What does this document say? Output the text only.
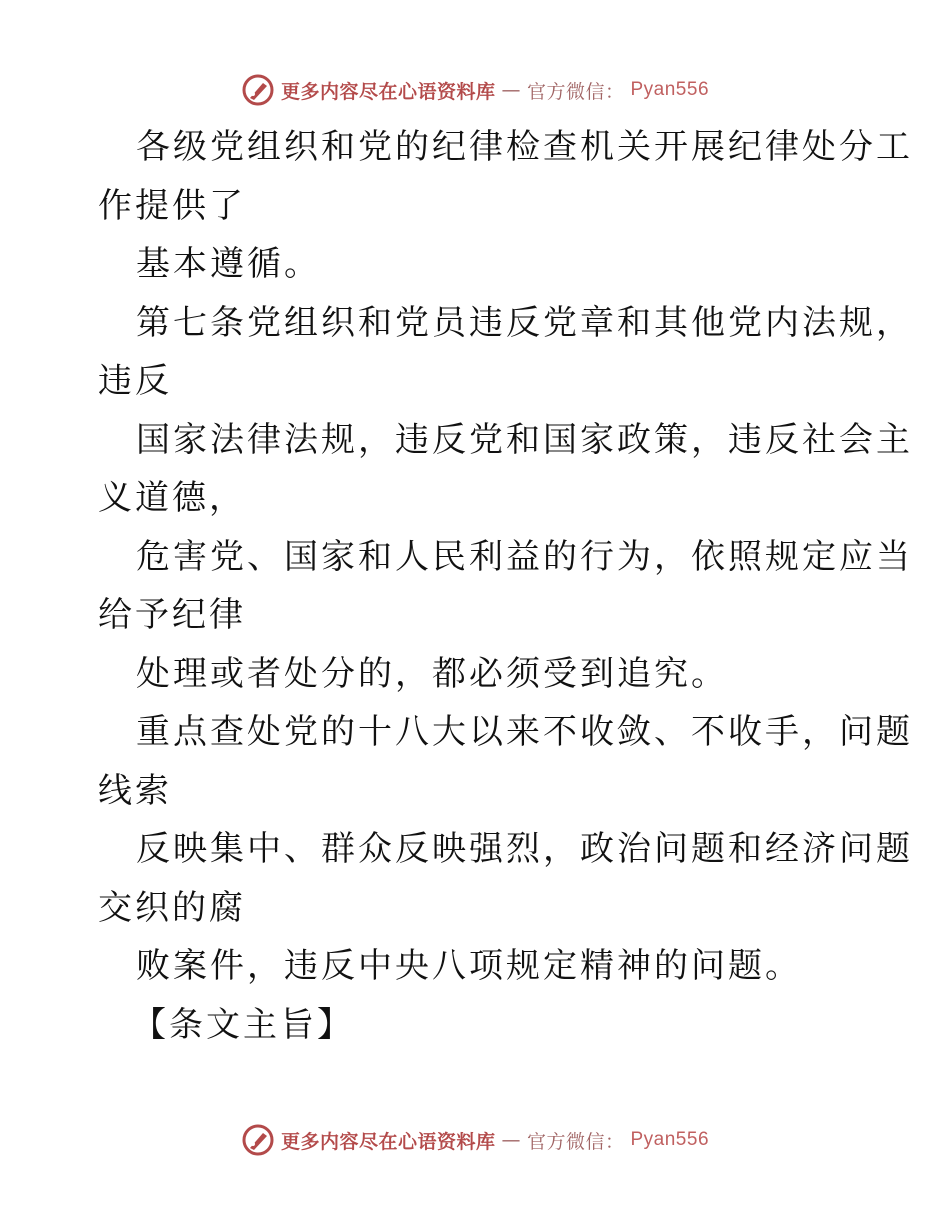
更多内容尽在心语资料库 — 官方微信： Pyan556

各级党组织和党的纪律检查机关开展纪律处分工

作提供了

基本遵循。

第七条党组织和党员违反党章和其他党内法规，

违反

国家法律法规，违反党和国家政策，违反社会主

义道德，

危害党、国家和人民利益的行为，依照规定应当

给予纪律

处理或者处分的，都必须受到追究。

重点查处党的十八大以来不收敛、不收手，问题

线索

反映集中、群众反映强烈，政治问题和经济问题

交织的腐

败案件，违反中央八项规定精神的问题。

【条文主旨】

更多内容尽在心语资料库 — 官方微信： Pyan556
